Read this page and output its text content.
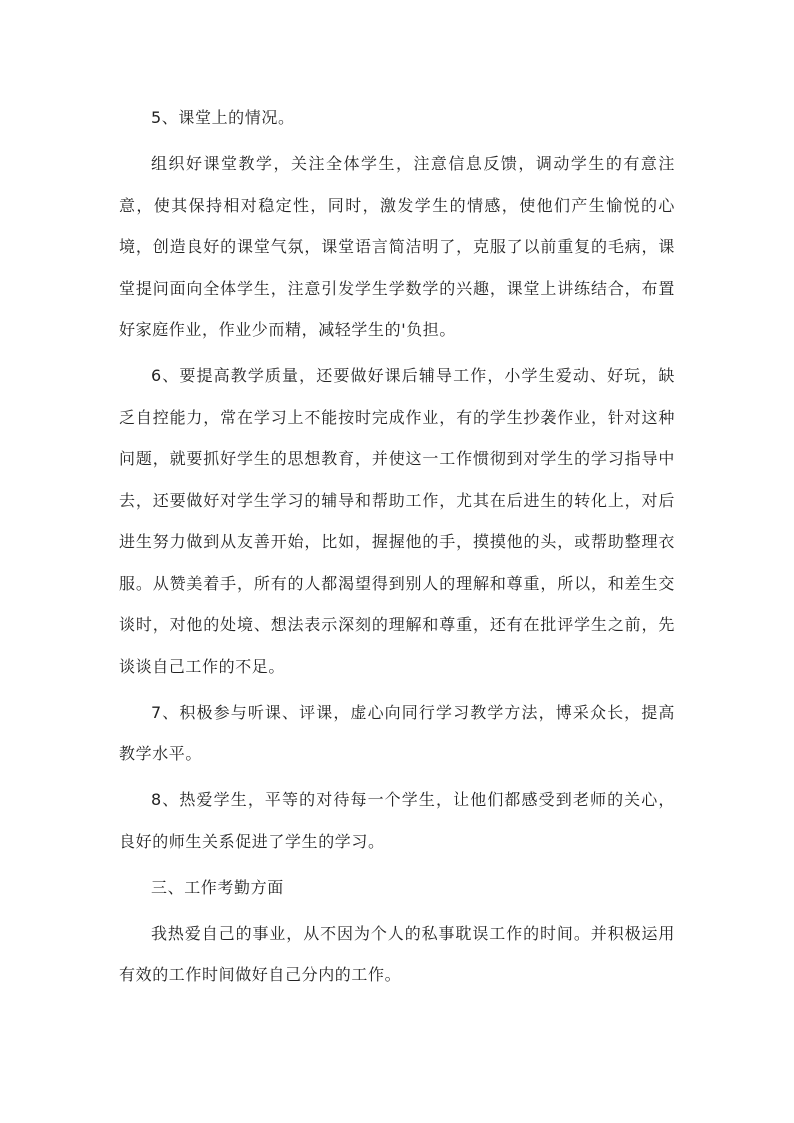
5、课堂上的情况。

组织好课堂教学，关注全体学生，注意信息反馈，调动学生的有意注意，使其保持相对稳定性，同时，激发学生的情感，使他们产生愉悦的心境，创造良好的课堂气氛，课堂语言简洁明了，克服了以前重复的毛病，课堂提问面向全体学生，注意引发学生学数学的兴趣，课堂上讲练结合，布置好家庭作业，作业少而精，减轻学生的'负担。

6、要提高教学质量，还要做好课后辅导工作，小学生爱动、好玩，缺乏自控能力，常在学习上不能按时完成作业，有的学生抄袭作业，针对这种问题，就要抓好学生的思想教育，并使这一工作惯彻到对学生的学习指导中去，还要做好对学生学习的辅导和帮助工作，尤其在后进生的转化上，对后进生努力做到从友善开始，比如，握握他的手，摸摸他的头，或帮助整理衣服。从赞美着手，所有的人都渴望得到别人的理解和尊重，所以，和差生交谈时，对他的处境、想法表示深刻的理解和尊重，还有在批评学生之前，先谈谈自己工作的不足。

7、积极参与听课、评课，虚心向同行学习教学方法，博采众长，提高教学水平。

8、热爱学生，平等的对待每一个学生，让他们都感受到老师的关心，良好的师生关系促进了学生的学习。

三、工作考勤方面

我热爱自己的事业，从不因为个人的私事耽误工作的时间。并积极运用有效的工作时间做好自己分内的工作。
